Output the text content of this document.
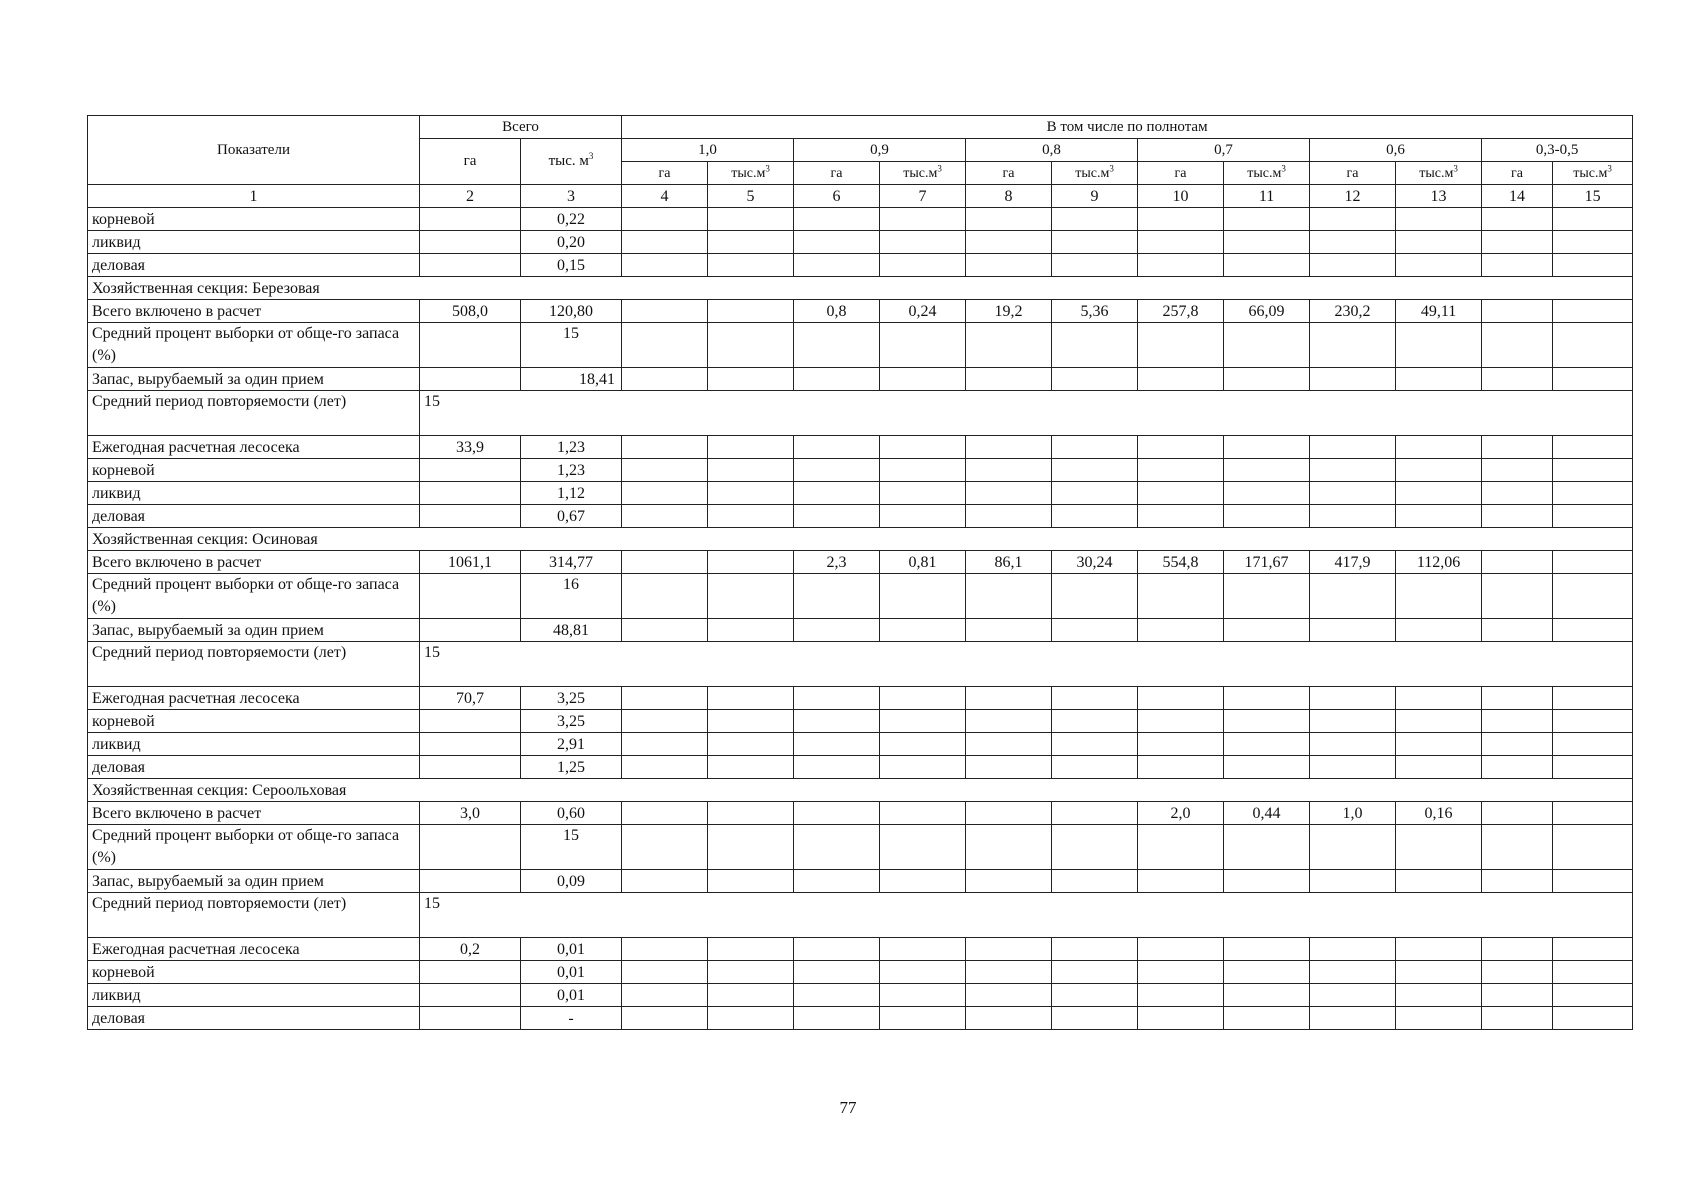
Показатели	Всего		В том числе по полнотам											
	га	тыс. $м^3$	1,0		0,9		0,8		0,7		0,6		0,3-0,5	
			га	$тыс.м^3$	га	$тыс.м^3$	га	$тыс.м^3$	га	$тыс.м^3$	га	$тыс.м^3$	га	$тыс.м^3$
1	2	3	4	5	6	7	8	9	10	11	12	13	14	15
корневой		0,22												
ликвид		0,20												
деловая		0,15												
Хозяйственная секция: Березовая														
Всего включено в расчет	508,0	120,80			0,8	0,24	19,2	5,36	257,8	66,09	230,2	49,11		
Средний процент выборки от обще-го запаса (%)		15												
Запас, вырубаемый за один прием		18,41												
Средний период повторяемости (лет)	15													
Ежегодная расчетная лесосека	33,9	1,23												
корневой		1,23												
ликвид		1,12												
деловая		0,67												
Хозяйственная секция: Осиновая														
Всего включено в расчет	1061,1	314,77			2,3	0,81	86,1	30,24	554,8	171,67	417,9	112,06		
Средний процент выборки от обще-го запаса (%)		16												
Запас, вырубаемый за один прием		48,81												
Средний период повторяемости (лет)	15													
Ежегодная расчетная лесосека	70,7	3,25												
корневой		3,25												
ликвид		2,91												
деловая		1,25												
Хозяйственная секция: Сероольховая														
Всего включено в расчет	3,0	0,60							2,0	0,44	1,0	0,16		
Средний процент выборки от обще-го запаса (%)		15												
Запас, вырубаемый за один прием		0,09												
Средний период повторяемости (лет)	15													
Ежегодная расчетная лесосека	0,2	0,01												
корневой		0,01												
ликвид		0,01												
деловая		-												
77
